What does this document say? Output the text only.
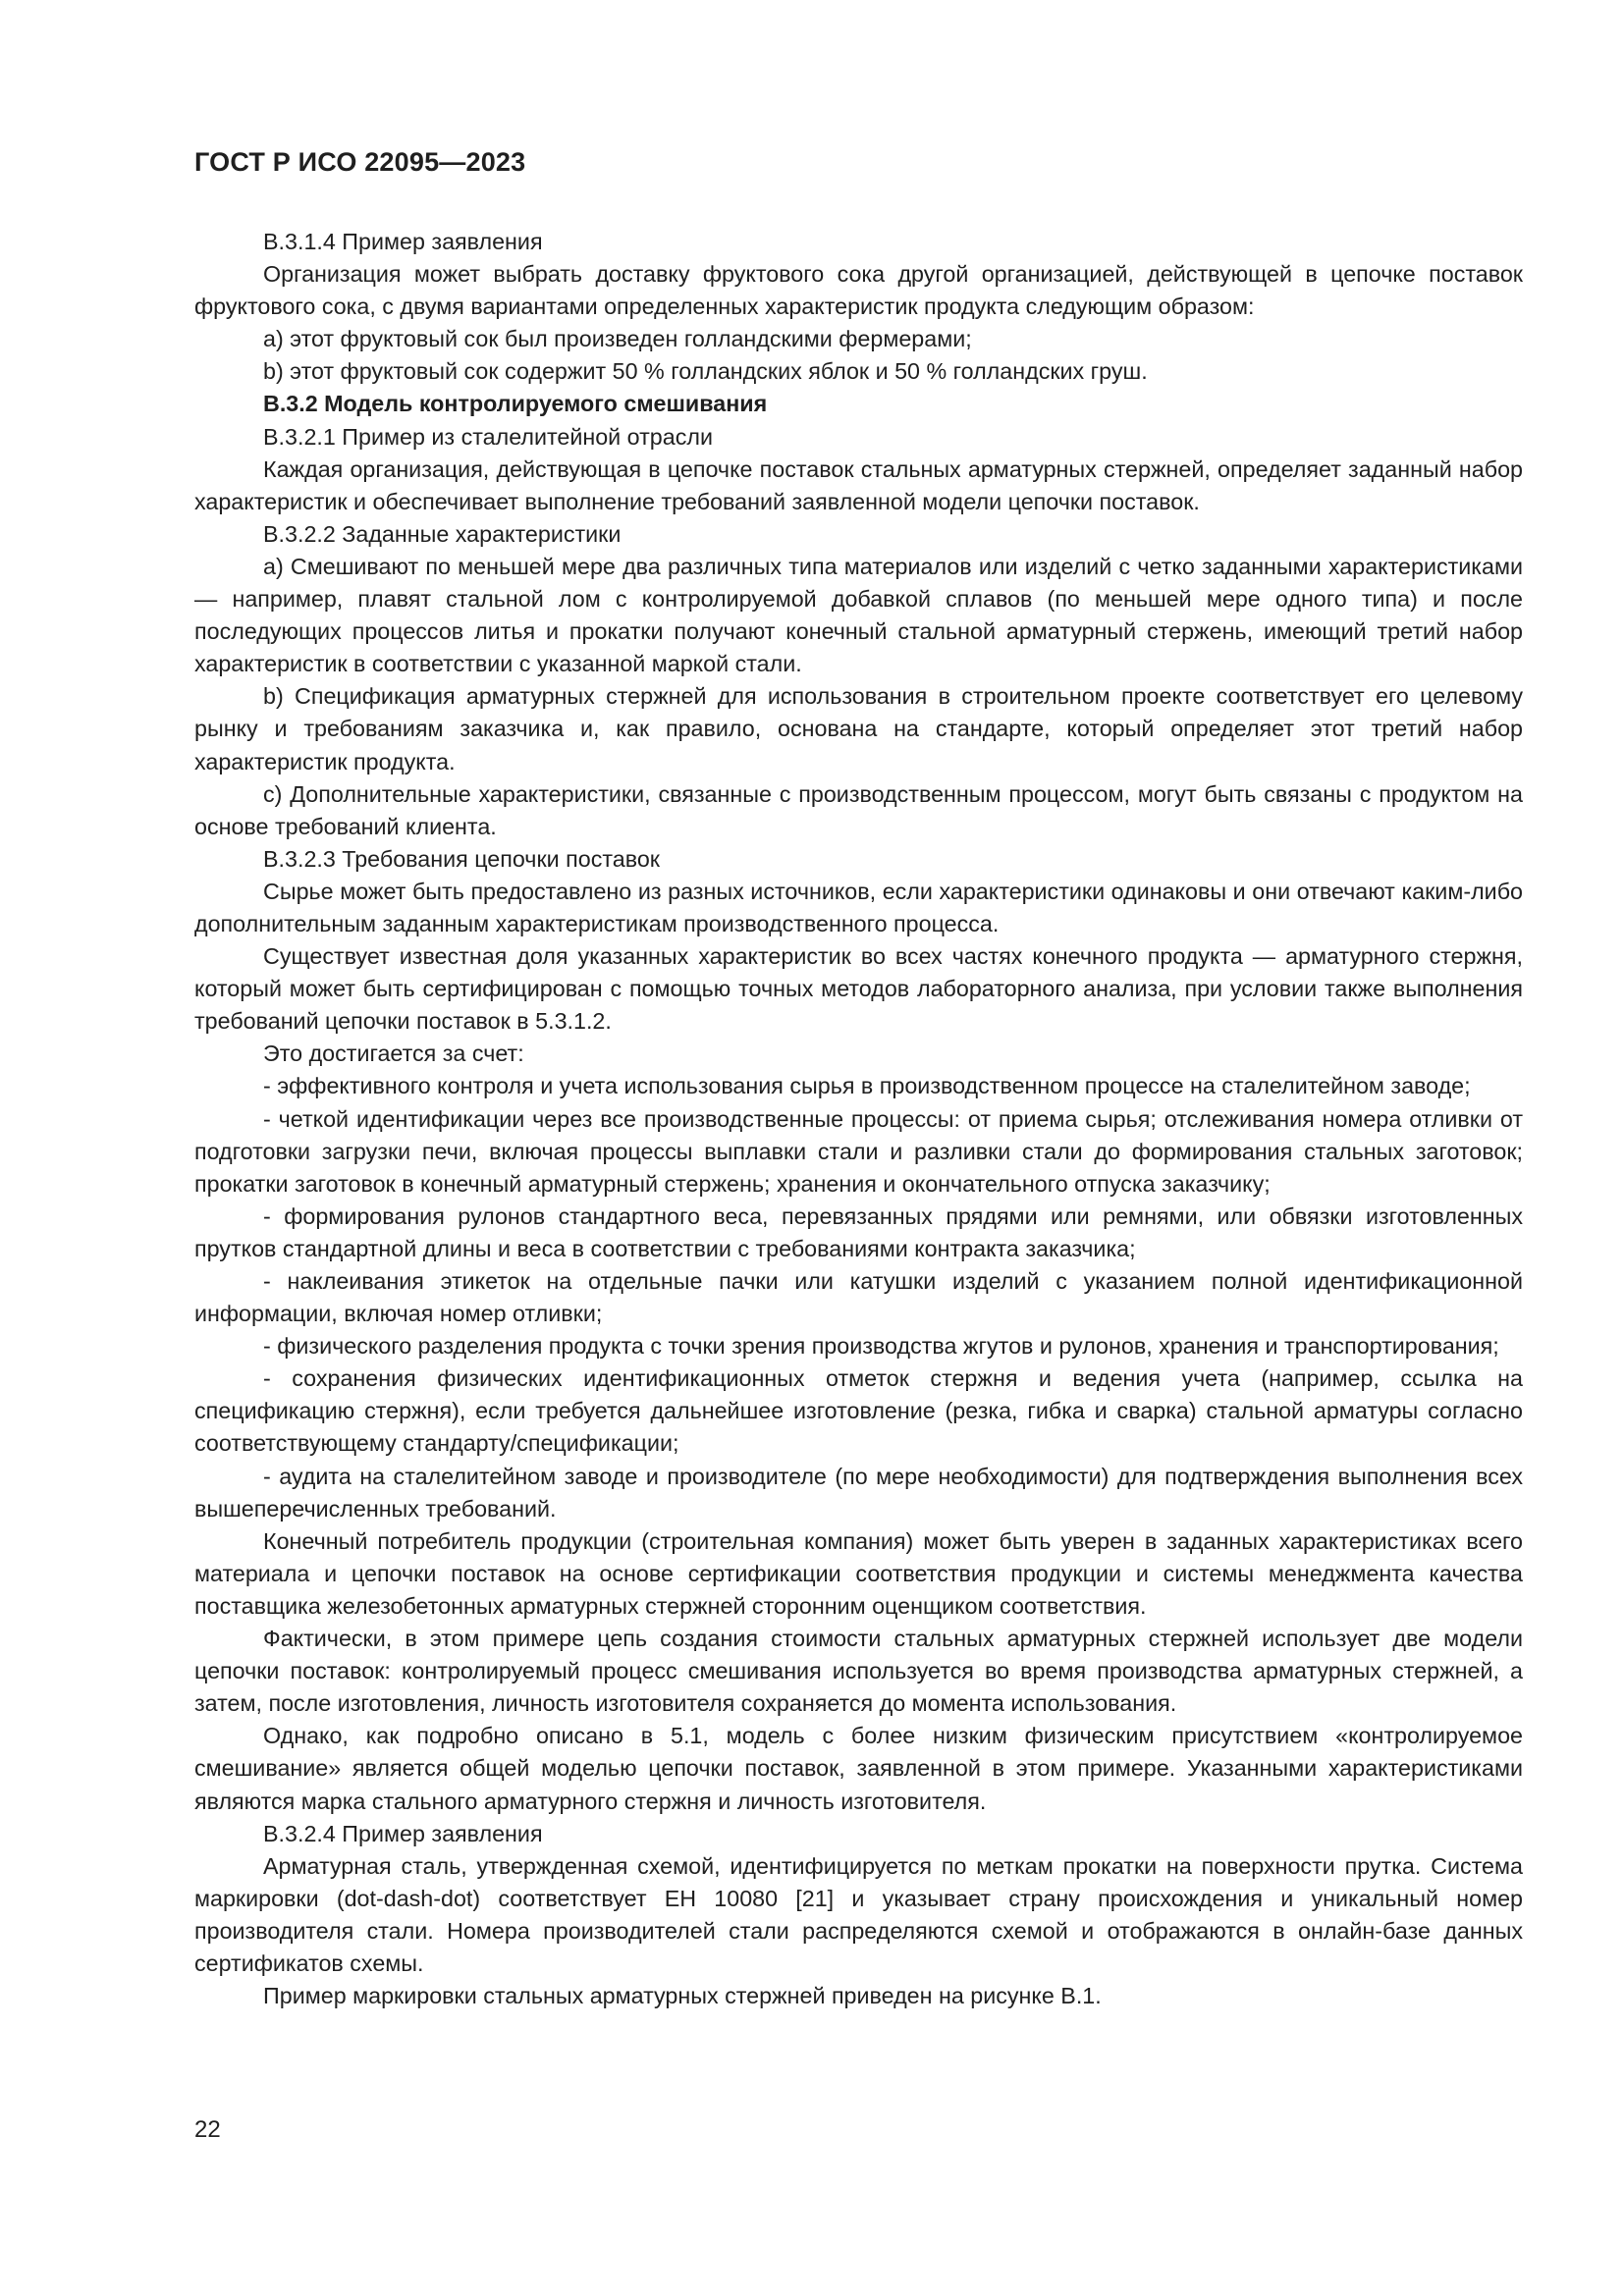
ГОСТ Р ИСО 22095—2023

B.3.1.4 Пример заявления

Организация может выбрать доставку фруктового сока другой организацией, действующей в цепочке поставок фруктового сока, с двумя вариантами определенных характеристик продукта следующим образом:

a) этот фруктовый сок был произведен голландскими фермерами;

b) этот фруктовый сок содержит 50 % голландских яблок и 50 % голландских груш.

B.3.2 Модель контролируемого смешивания

B.3.2.1 Пример из сталелитейной отрасли

Каждая организация, действующая в цепочке поставок стальных арматурных стержней, определяет заданный набор характеристик и обеспечивает выполнение требований заявленной модели цепочки поставок.

B.3.2.2 Заданные характеристики

a) Смешивают по меньшей мере два различных типа материалов или изделий с четко заданными характеристиками — например, плавят стальной лом с контролируемой добавкой сплавов (по меньшей мере одного типа) и после последующих процессов литья и прокатки получают конечный стальной арматурный стержень, имеющий третий набор характеристик в соответствии с указанной маркой стали.

b) Спецификация арматурных стержней для использования в строительном проекте соответствует его целевому рынку и требованиям заказчика и, как правило, основана на стандарте, который определяет этот третий набор характеристик продукта.

c) Дополнительные характеристики, связанные с производственным процессом, могут быть связаны с продуктом на основе требований клиента.

B.3.2.3 Требования цепочки поставок

Сырье может быть предоставлено из разных источников, если характеристики одинаковы и они отвечают каким-либо дополнительным заданным характеристикам производственного процесса.

Существует известная доля указанных характеристик во всех частях конечного продукта — арматурного стержня, который может быть сертифицирован с помощью точных методов лабораторного анализа, при условии также выполнения требований цепочки поставок в 5.3.1.2.

Это достигается за счет:

- эффективного контроля и учета использования сырья в производственном процессе на сталелитейном заводе;

- четкой идентификации через все производственные процессы: от приема сырья; отслеживания номера отливки от подготовки загрузки печи, включая процессы выплавки стали и разливки стали до формирования стальных заготовок; прокатки заготовок в конечный арматурный стержень; хранения и окончательного отпуска заказчику;

- формирования рулонов стандартного веса, перевязанных прядями или ремнями, или обвязки изготовленных прутков стандартной длины и веса в соответствии с требованиями контракта заказчика;

- наклеивания этикеток на отдельные пачки или катушки изделий с указанием полной идентификационной информации, включая номер отливки;

- физического разделения продукта с точки зрения производства жгутов и рулонов, хранения и транспортирования;

- сохранения физических идентификационных отметок стержня и ведения учета (например, ссылка на спецификацию стержня), если требуется дальнейшее изготовление (резка, гибка и сварка) стальной арматуры согласно соответствующему стандарту/спецификации;

- аудита на сталелитейном заводе и производителе (по мере необходимости) для подтверждения выполнения всех вышеперечисленных требований.

Конечный потребитель продукции (строительная компания) может быть уверен в заданных характеристиках всего материала и цепочки поставок на основе сертификации соответствия продукции и системы менеджмента качества поставщика железобетонных арматурных стержней сторонним оценщиком соответствия.

Фактически, в этом примере цепь создания стоимости стальных арматурных стержней использует две модели цепочки поставок: контролируемый процесс смешивания используется во время производства арматурных стержней, а затем, после изготовления, личность изготовителя сохраняется до момента использования.

Однако, как подробно описано в 5.1, модель с более низким физическим присутствием «контролируемое смешивание» является общей моделью цепочки поставок, заявленной в этом примере. Указанными характеристиками являются марка стального арматурного стержня и личность изготовителя.

B.3.2.4 Пример заявления

Арматурная сталь, утвержденная схемой, идентифицируется по меткам прокатки на поверхности прутка. Система маркировки (dot-dash-dot) соответствует ЕН 10080 [21] и указывает страну происхождения и уникальный номер производителя стали. Номера производителей стали распределяются схемой и отображаются в онлайн-базе данных сертификатов схемы.

Пример маркировки стальных арматурных стержней приведен на рисунке B.1.

22
